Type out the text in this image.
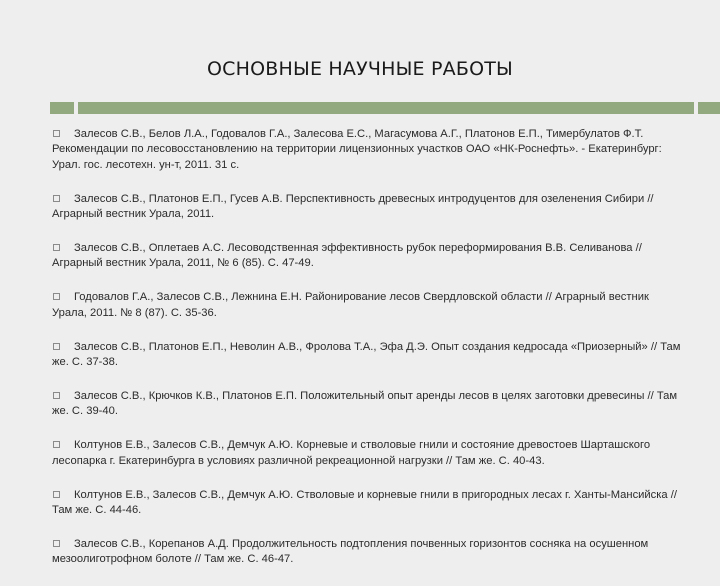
ОСНОВНЫЕ НАУЧНЫЕ РАБОТЫ

Залесов С.В., Белов Л.А., Годовалов Г.А., Залесова Е.С., Магасумова А.Г., Платонов Е.П., Тимербулатов Ф.Т. Рекомендации по лесовосстановлению на территории лицензионных участков ОАО «НК-Роснефть». - Екатеринбург: Урал. гос. лесотехн. ун-т, 2011. 31 с.

Залесов С.В., Платонов Е.П., Гусев А.В. Перспективность древесных интродуцентов для озеленения Сибири // Аграрный вестник Урала, 2011.

Залесов С.В., Оплетаев А.С. Лесоводственная эффективность рубок переформирования В.В. Селиванова // Аграрный вестник Урала, 2011, № 6 (85). С. 47-49.

Годовалов Г.А., Залесов С.В., Лежнина Е.Н. Районирование лесов Свердловской области // Аграрный вестник Урала, 2011. № 8 (87). С. 35-36.

Залесов С.В., Платонов Е.П., Неволин А.В., Фролова Т.А., Эфа Д.Э. Опыт создания кедросада «Приозерный» // Там же. С. 37-38.

Залесов С.В., Крючков К.В., Платонов Е.П. Положительный опыт аренды лесов в целях заготовки древесины // Там же. С. 39-40.

Колтунов Е.В., Залесов С.В., Демчук А.Ю. Корневые и стволовые гнили и состояние древостоев Шарташского лесопарка г. Екатеринбурга в условиях различной рекреационной нагрузки // Там же. С. 40-43.

Колтунов Е.В., Залесов С.В., Демчук А.Ю. Стволовые и корневые гнили в пригородных лесах г. Ханты-Мансийска // Там же. С. 44-46.

Залесов С.В., Корепанов А.Д. Продолжительность подтопления почвенных горизонтов сосняка на осушенном мезоолиготрофном болоте // Там же. С. 46-47.
